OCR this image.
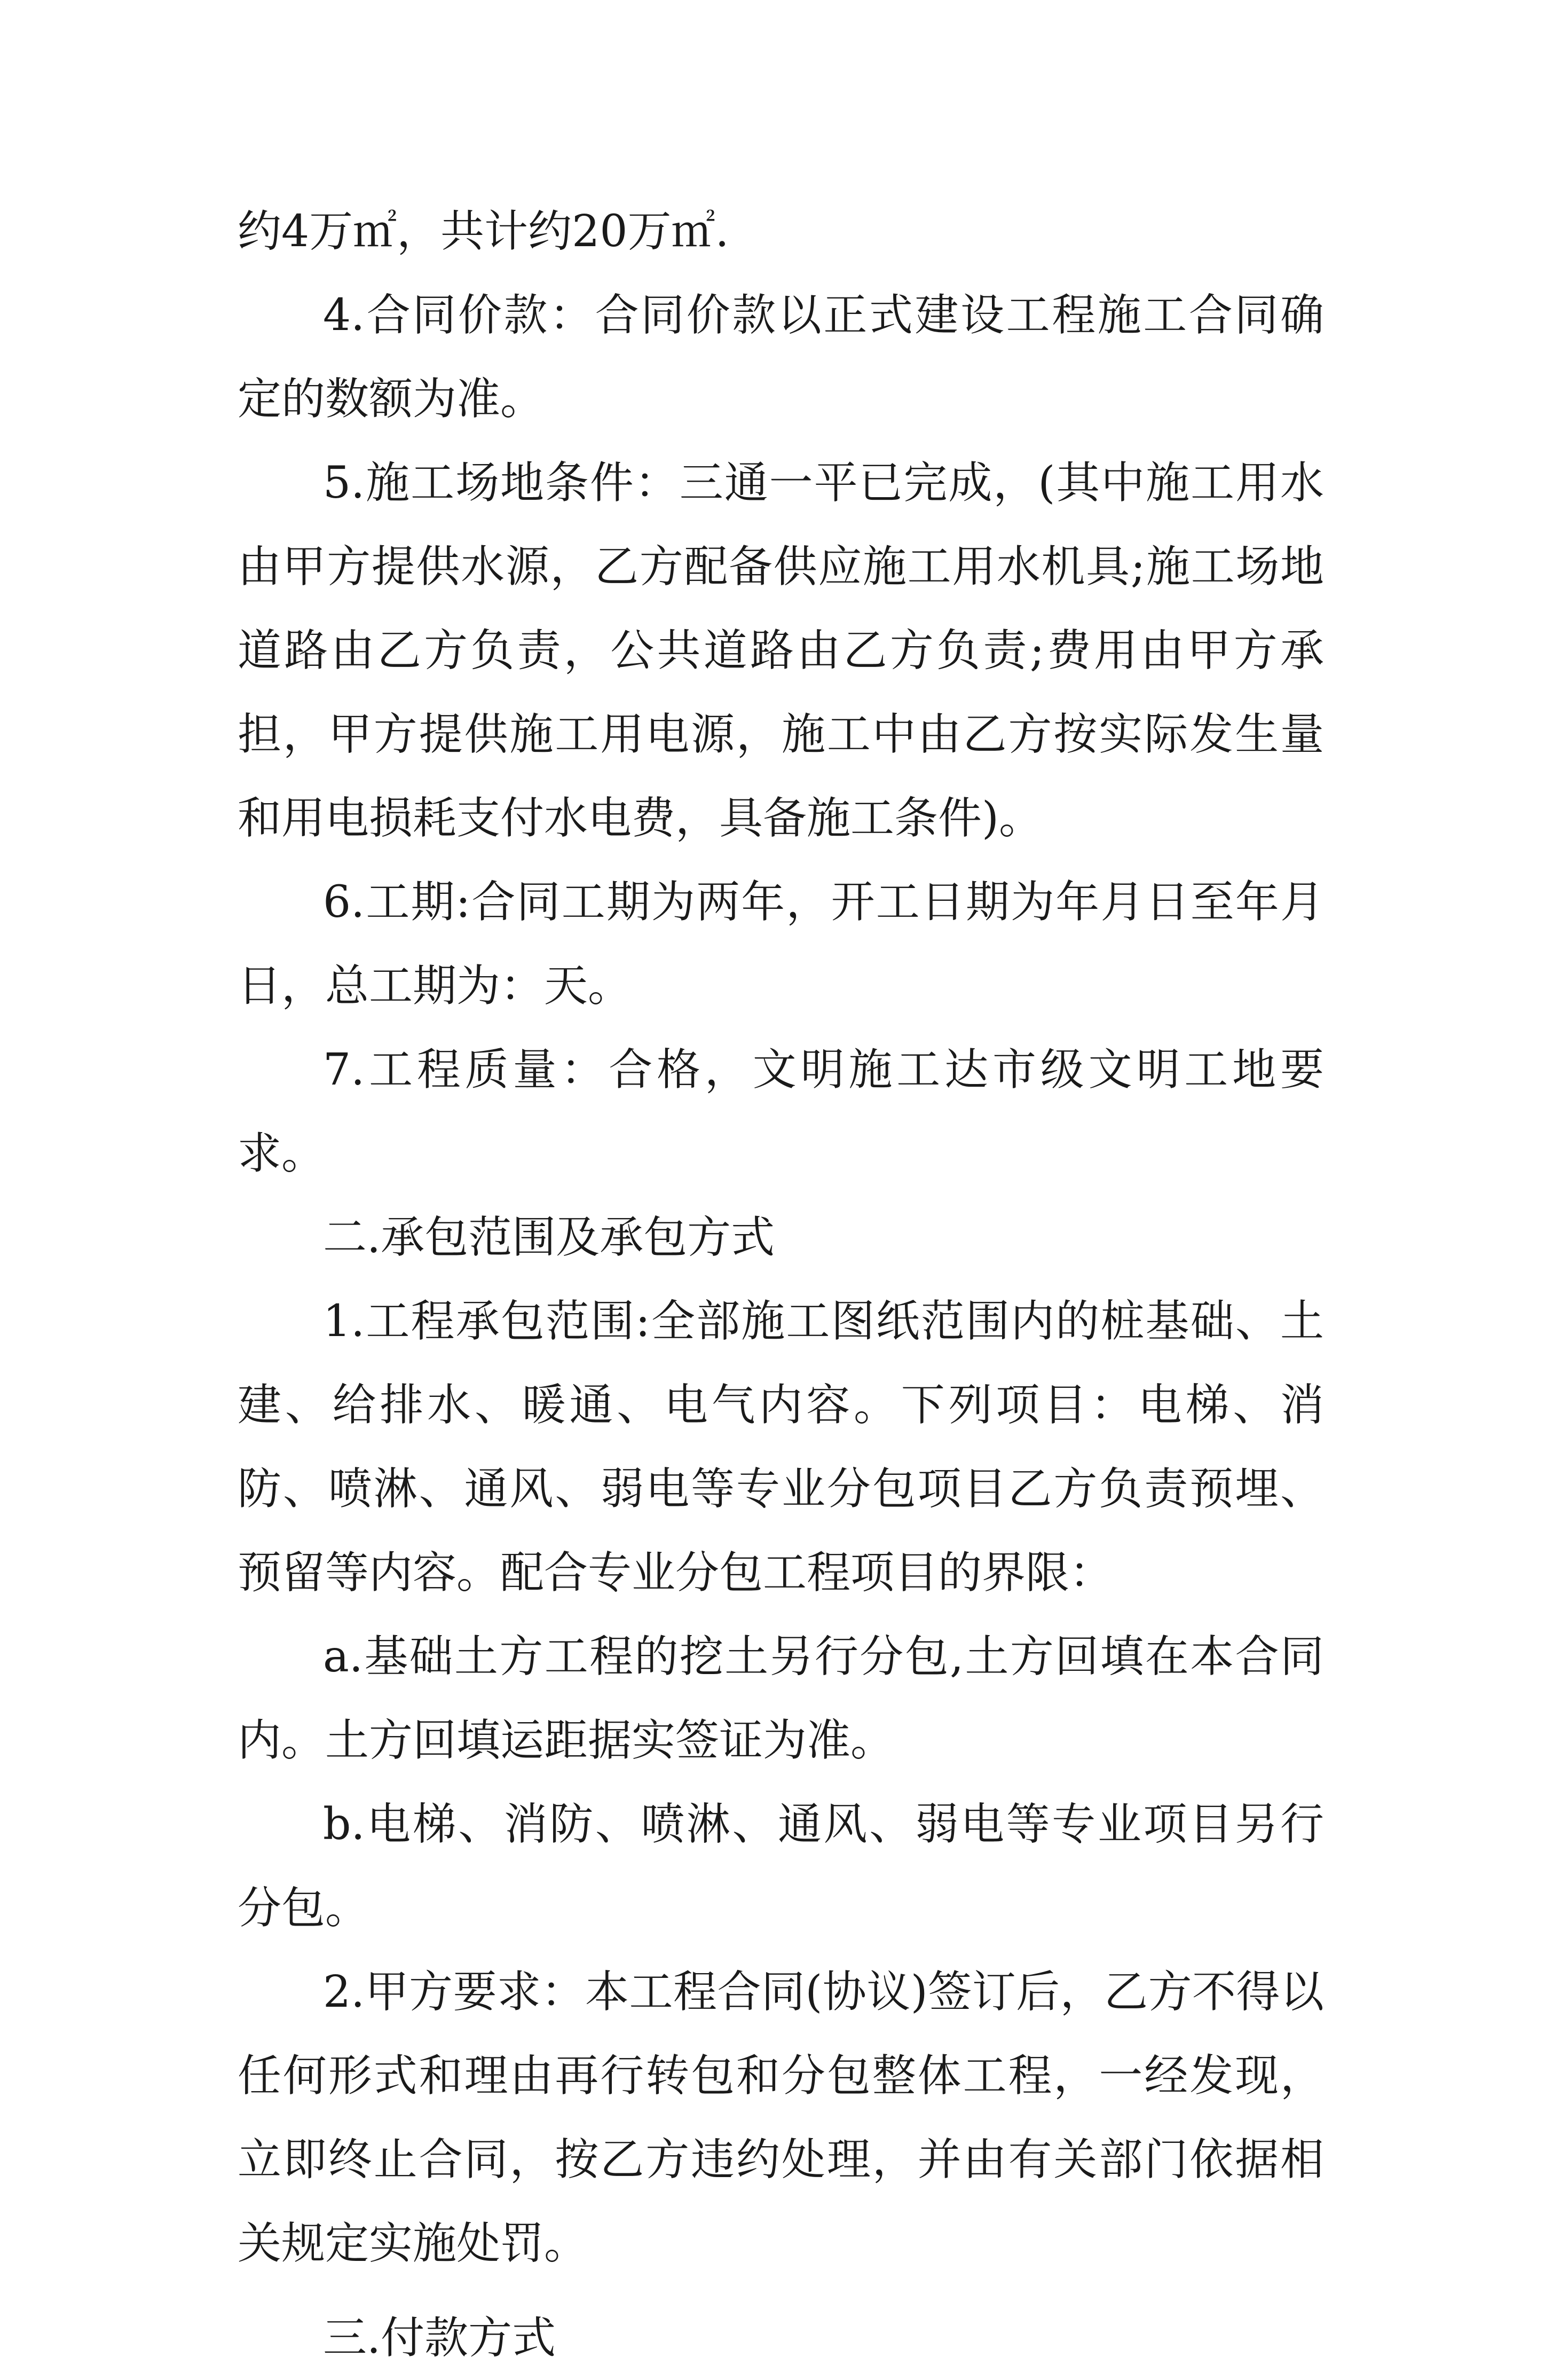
约4万㎡，共计约20万㎡.

4.合同价款：合同价款以正式建设工程施工合同确定的数额为准。

5.施工场地条件：三通一平已完成，(其中施工用水由甲方提供水源，乙方配备供应施工用水机具;施工场地道路由乙方负责，公共道路由乙方负责;费用由甲方承担，甲方提供施工用电源，施工中由乙方按实际发生量和用电损耗支付水电费，具备施工条件)。

6.工期:合同工期为两年，开工日期为年月日至年月日，总工期为：天。

7.工程质量：合格，文明施工达市级文明工地要求。

二.承包范围及承包方式

1.工程承包范围:全部施工图纸范围内的桩基础、土建、给排水、暖通、电气内容。下列项目：电梯、消防、喷淋、通风、弱电等专业分包项目乙方负责预埋、预留等内容。配合专业分包工程项目的界限：

a.基础土方工程的挖土另行分包,土方回填在本合同内。土方回填运距据实签证为准。

b.电梯、消防、喷淋、通风、弱电等专业项目另行分包。

2.甲方要求：本工程合同(协议)签订后，乙方不得以任何形式和理由再行转包和分包整体工程，一经发现，立即终止合同，按乙方违约处理，并由有关部门依据相关规定实施处罚。

三.付款方式
